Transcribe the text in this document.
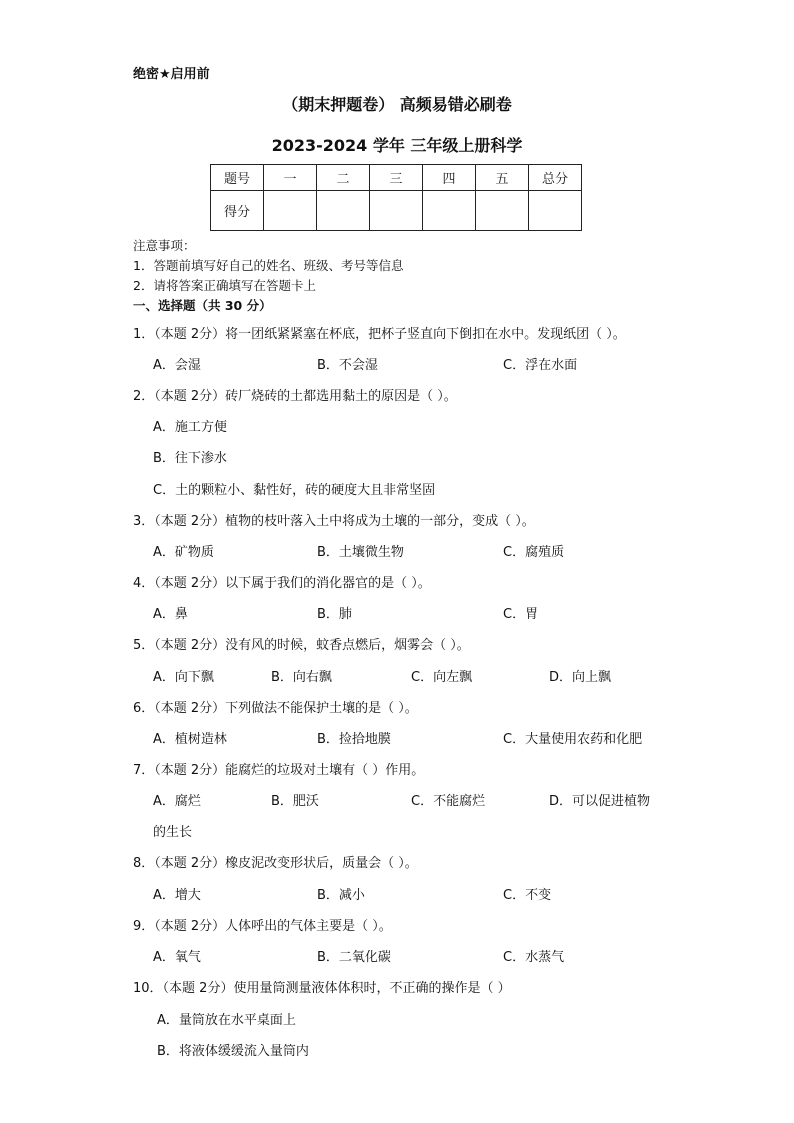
绝密★启用前
（期末押题卷） 高频易错必刷卷
2023-2024 学年 三年级上册科学
题号	一	二	三	四	五	总分
得分						
注意事项：
1．答题前填写好自己的姓名、班级、考号等信息
2．请将答案正确填写在答题卡上
一、选择题（共 30 分）
1．（本题 2分）将一团纸紧紧塞在杯底，把杯子竖直向下倒扣在水中。发现纸团（ ）。
A．会湿	B．不会湿	C．浮在水面
2．（本题 2分）砖厂烧砖的土都选用黏土的原因是（ ）。
A．施工方便
B．往下渗水
C．土的颗粒小、黏性好，砖的硬度大且非常坚固
3．（本题 2分）植物的枝叶落入土中将成为土壤的一部分，变成（ ）。
A．矿物质	B．土壤微生物	C．腐殖质
4．（本题 2分）以下属于我们的消化器官的是（ ）。
A．鼻	B．肺	C．胃
5．（本题 2分）没有风的时候，蚊香点燃后，烟雾会（ ）。
A．向下飘	B．向右飘	C．向左飘	D．向上飘
6．（本题 2分）下列做法不能保护土壤的是（ ）。
A．植树造林	B．捡拾地膜	C．大量使用农药和化肥
7．（本题 2分）能腐烂的垃圾对土壤有（ ）作用。
A．腐烂	B．肥沃	C．不能腐烂	D．可以促进植物
的生长
8．（本题 2分）橡皮泥改变形状后，质量会（ ）。
A．增大	B．减小	C．不变
9．（本题 2分）人体呼出的气体主要是（ ）。
A．氧气	B．二氧化碳	C．水蒸气
10．（本题 2分）使用量筒测量液体体积时，不正确的操作是（ ）
A．量筒放在水平桌面上
B．将液体缓缓流入量筒内
